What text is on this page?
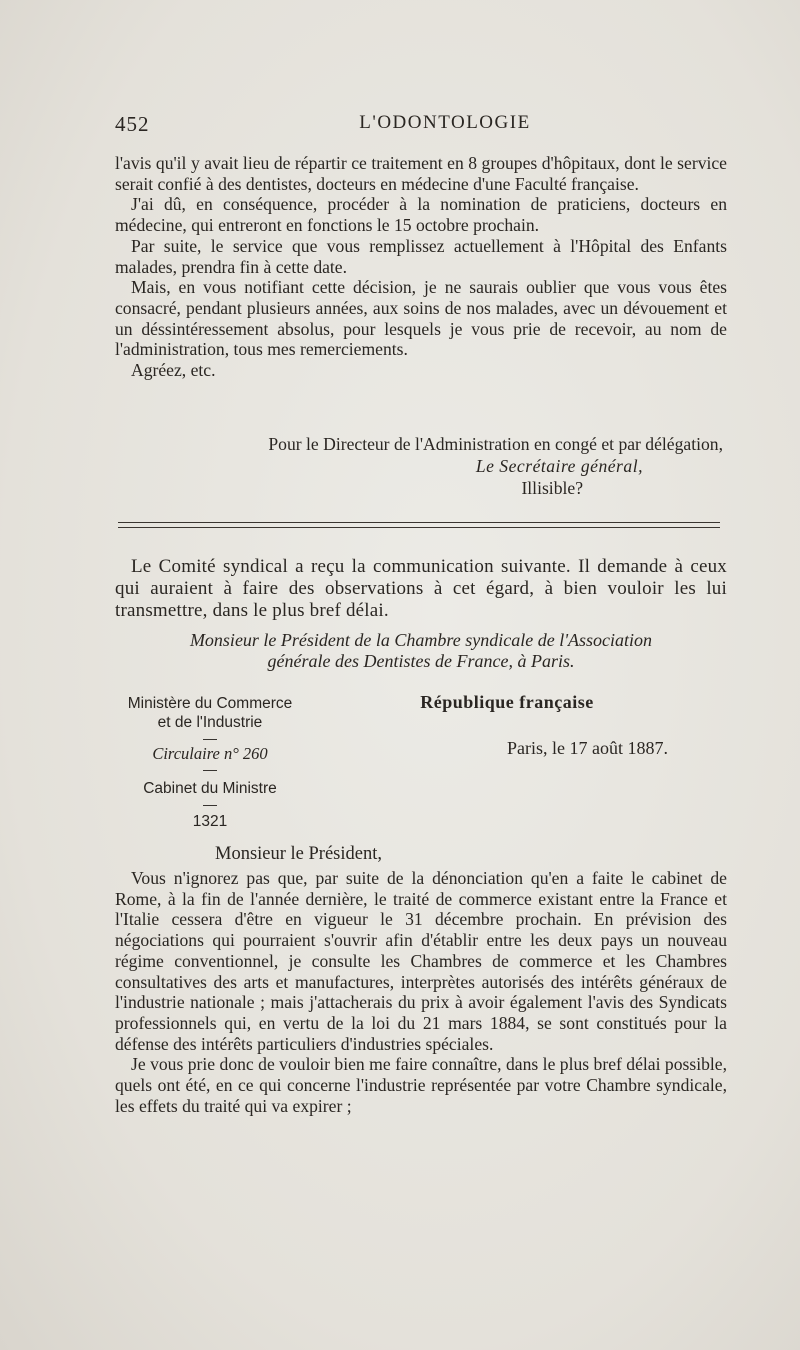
452	L'ODONTOLOGIE

l'avis qu'il y avait lieu de répartir ce traitement en 8 groupes d'hôpitaux, dont le service serait confié à des dentistes, docteurs en médecine d'une Faculté française.

J'ai dû, en conséquence, procéder à la nomination de praticiens, docteurs en médecine, qui entreront en fonctions le 15 octobre prochain.

Par suite, le service que vous remplissez actuellement à l'Hôpital des Enfants malades, prendra fin à cette date.

Mais, en vous notifiant cette décision, je ne saurais oublier que vous vous êtes consacré, pendant plusieurs années, aux soins de nos malades, avec un dévouement et un déssintéressement absolus, pour lesquels je vous prie de recevoir, au nom de l'administration, tous mes remerciements.

Agréez, etc.

Pour le Directeur de l'Administration en congé et par délégation,
Le Secrétaire général,
Illisible?

Le Comité syndical a reçu la communication suivante. Il demande à ceux qui auraient à faire des observations à cet égard, à bien vouloir les lui transmettre, dans le plus bref délai.

Monsieur le Président de la Chambre syndicale de l'Association
générale des Dentistes de France, à Paris.
Ministère du Commerce
et de l'Industrie
—
Circulaire n° 260
—
Cabinet du Ministre
—
1321
République française
Paris, le 17 août 1887.
Monsieur le Président,

Vous n'ignorez pas que, par suite de la dénonciation qu'en a faite le cabinet de Rome, à la fin de l'année dernière, le traité de commerce existant entre la France et l'Italie cessera d'être en vigueur le 31 décembre prochain. En prévision des négociations qui pourraient s'ouvrir afin d'établir entre les deux pays un nouveau régime conventionnel, je consulte les Chambres de commerce et les Chambres consultatives des arts et manufactures, interprètes autorisés des intérêts généraux de l'industrie nationale ; mais j'attacherais du prix à avoir également l'avis des Syndicats professionnels qui, en vertu de la loi du 21 mars 1884, se sont constitués pour la défense des intérêts particuliers d'industries spéciales.

Je vous prie donc de vouloir bien me faire connaître, dans le plus bref délai possible, quels ont été, en ce qui concerne l'industrie représentée par votre Chambre syndicale, les effets du traité qui va expirer ;
